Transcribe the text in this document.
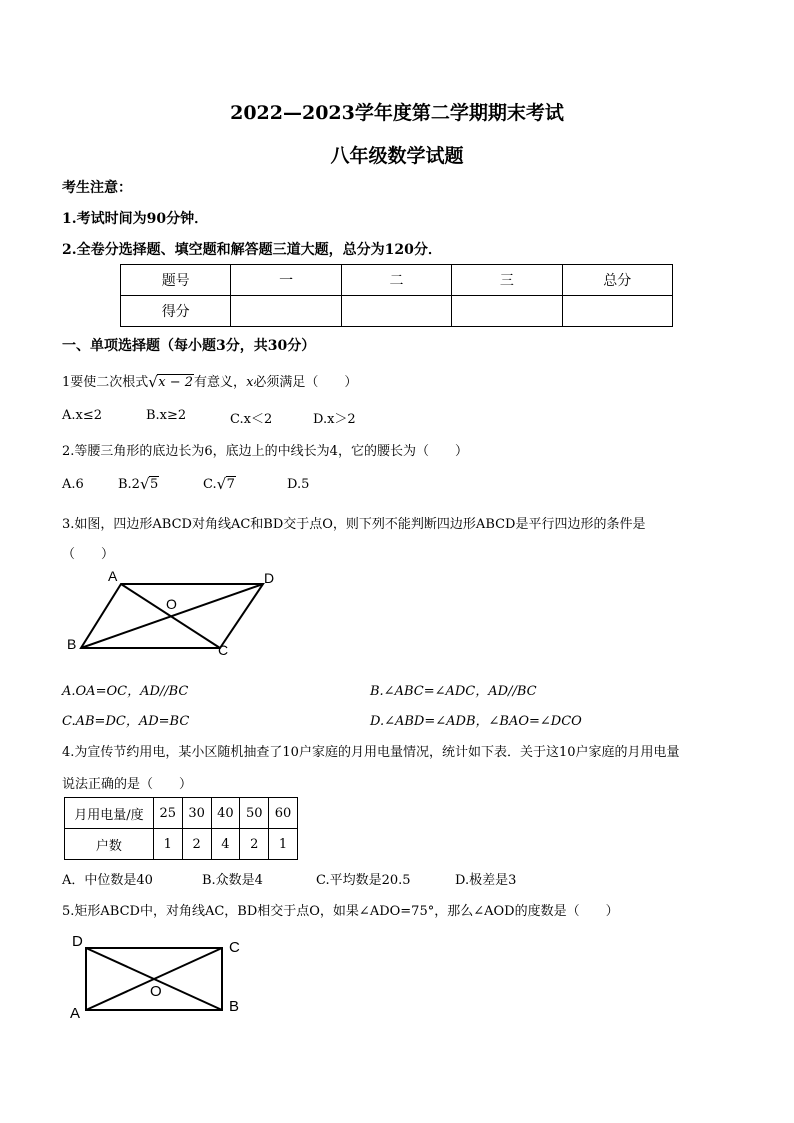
2022—2023学年度第二学期期末考试
八年级数学试题
考生注意：
1.考试时间为90分钟．
2.全卷分选择题、填空题和解答题三道大题，总分为120分．
题号	一	二	三	总分
得分				
一、单项选择题（每小题3分，共30分）
1要使二次根式 √ x − 2有意义，x必须满足（　　）
A.x≤2	B.x≥2	C.x＜2	D.x＞2
2.等腰三角形的底边长为6，底边上的中线长为4，它的腰长为（　　）
A.6	B.2 √ 5	C. √ 7	D.5
3.如图，四边形ABCD对角线AC和BD交于点O，则下列不能判断四边形ABCD是平行四边形的条件是
（　　）
A	D
B	C
O
A.OA=OC，AD//BC	B.∠ABC=∠ADC，AD//BC
C.AB=DC，AD=BC	D.∠ABD=∠ADB，∠BAO=∠DCO
4.为宣传节约用电，某小区随机抽查了10户家庭的月用电量情况，统计如下表．关于这10户家庭的月用电量
说法正确的是（　　）
月用电量/度	25	30	40	50	60
户数	1	2	4	2	1
A．中位数是40	B.众数是4	C.平均数是20.5	D.极差是3
5.矩形ABCD中，对角线AC，BD相交于点O，如果∠ADO=75°，那么∠AOD的度数是（　　）
D	C
A	B
O
